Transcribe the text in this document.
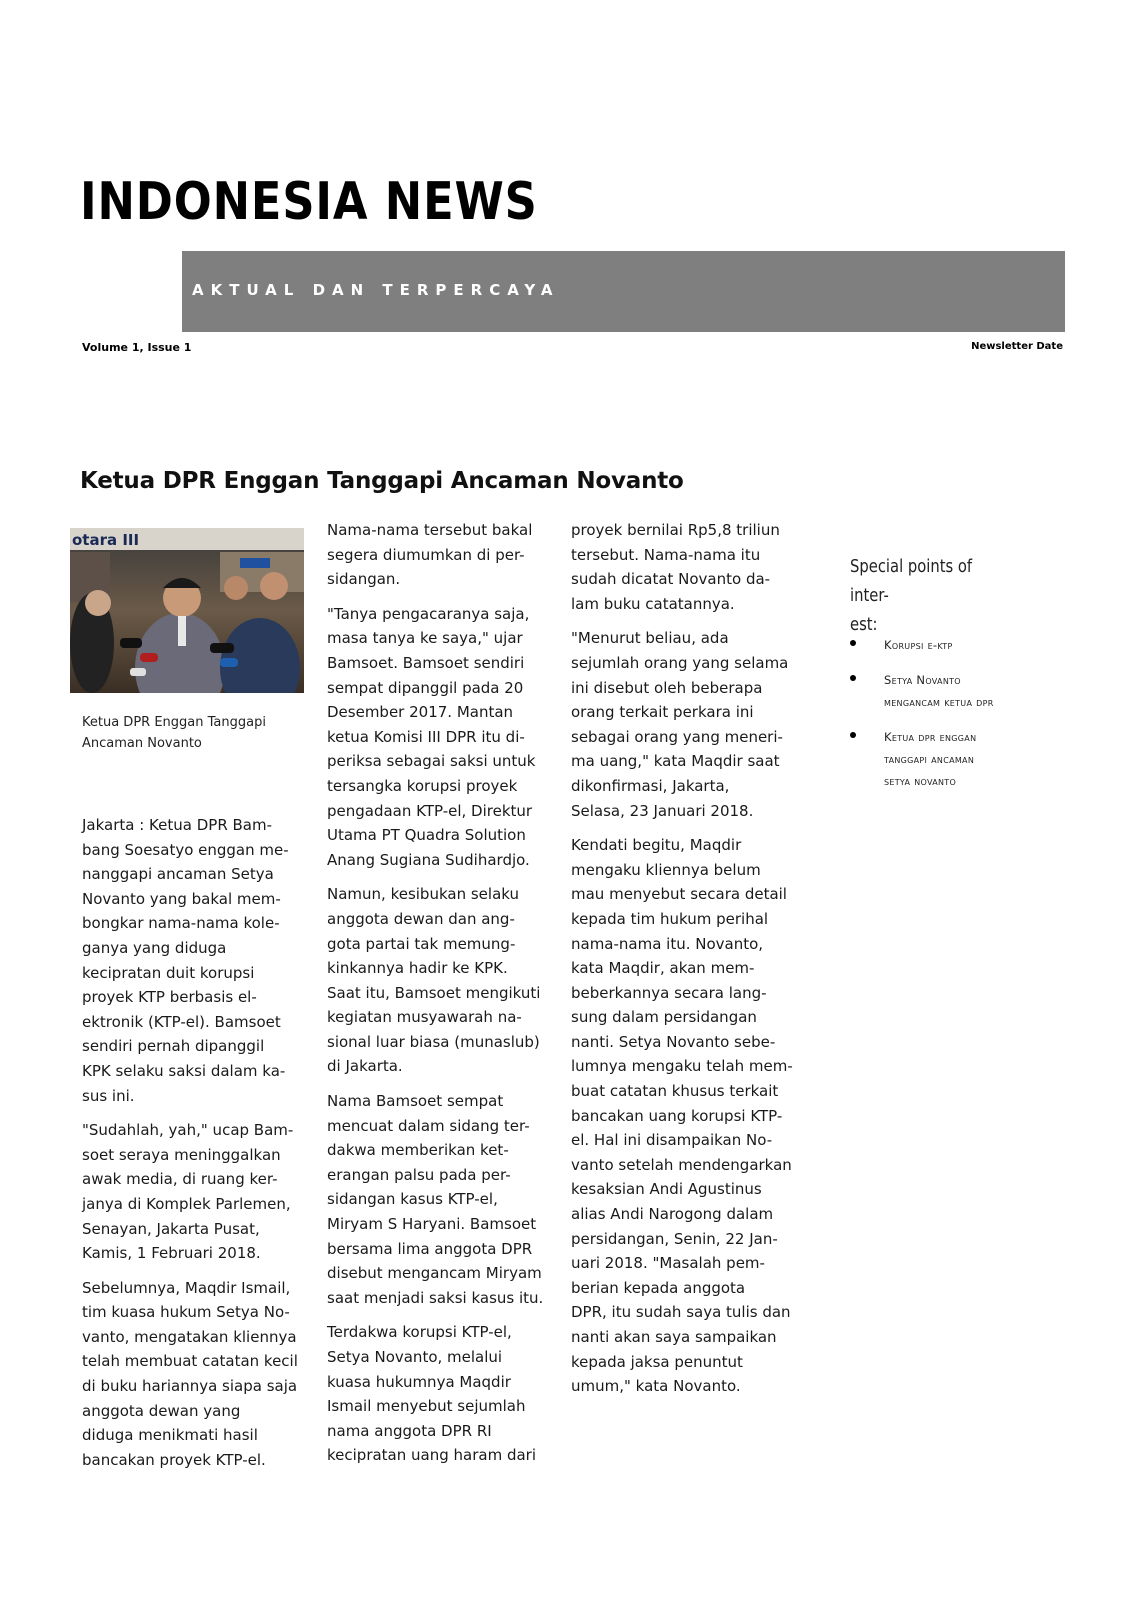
INDONESIA NEWS
AKTUAL DAN TERPERCAYA
Volume 1, Issue 1	Newsletter Date
Ketua DPR Enggan Tanggapi Ancaman Novanto
otara III
Ketua DPR Enggan Tanggapi Ancaman Novanto

Jakarta : Ketua DPR Bam-
bang Soesatyo enggan me-
nanggapi ancaman Setya
Novanto yang bakal mem-
bongkar nama-nama kole-
ganya yang diduga
kecipratan duit korupsi
proyek KTP berbasis el-
ektronik (KTP-el). Bamsoet
sendiri pernah dipanggil
KPK selaku saksi dalam ka-
sus ini.

"Sudahlah, yah," ucap Bam-
soet seraya meninggalkan
awak media, di ruang ker-
janya di Komplek Parlemen,
Senayan, Jakarta Pusat,
Kamis, 1 Februari 2018.

Sebelumnya, Maqdir Ismail,
tim kuasa hukum Setya No-
vanto, mengatakan kliennya
telah membuat catatan kecil
di buku hariannya siapa saja
anggota dewan yang
diduga menikmati hasil
bancakan proyek KTP-el.

Nama-nama tersebut bakal
segera diumumkan di per-
sidangan.

"Tanya pengacaranya saja,
masa tanya ke saya," ujar
Bamsoet. Bamsoet sendiri
sempat dipanggil pada 20
Desember 2017. Mantan
ketua Komisi III DPR itu di-
periksa sebagai saksi untuk
tersangka korupsi proyek
pengadaan KTP-el, Direktur
Utama PT Quadra Solution
Anang Sugiana Sudihardjo.

Namun, kesibukan selaku
anggota dewan dan ang-
gota partai tak memung-
kinkannya hadir ke KPK.
Saat itu, Bamsoet mengikuti
kegiatan musyawarah na-
sional luar biasa (munaslub)
di Jakarta.

Nama Bamsoet sempat
mencuat dalam sidang ter-
dakwa memberikan ket-
erangan palsu pada per-
sidangan kasus KTP-el,
Miryam S Haryani. Bamsoet
bersama lima anggota DPR
disebut mengancam Miryam
saat menjadi saksi kasus itu.

Terdakwa korupsi KTP-el,
Setya Novanto, melalui
kuasa hukumnya Maqdir
Ismail menyebut sejumlah
nama anggota DPR RI
kecipratan uang haram dari

proyek bernilai Rp5,8 triliun
tersebut. Nama-nama itu
sudah dicatat Novanto da-
lam buku catatannya.

"Menurut beliau, ada
sejumlah orang yang selama
ini disebut oleh beberapa
orang terkait perkara ini
sebagai orang yang meneri-
ma uang," kata Maqdir saat
dikonfirmasi, Jakarta,
Selasa, 23 Januari 2018.

Kendati begitu, Maqdir
mengaku kliennya belum
mau menyebut secara detail
kepada tim hukum perihal
nama-nama itu. Novanto,
kata Maqdir, akan mem-
beberkannya secara lang-
sung dalam persidangan
nanti. Setya Novanto sebe-
lumnya mengaku telah mem-
buat catatan khusus terkait
bancakan uang korupsi KTP-
el. Hal ini disampaikan No-
vanto setelah mendengarkan
kesaksian Andi Agustinus
alias Andi Narogong dalam
persidangan, Senin, 22 Jan-
uari 2018. "Masalah pem-
berian kepada anggota
DPR, itu sudah saya tulis dan
nanti akan saya sampaikan
kepada jaksa penuntut
umum," kata Novanto.

Special points of inter-
est:
Korupsi e-ktp
Setya Novanto
mengancam ketua dpr
Ketua dpr enggan
tanggapi ancaman
setya novanto
